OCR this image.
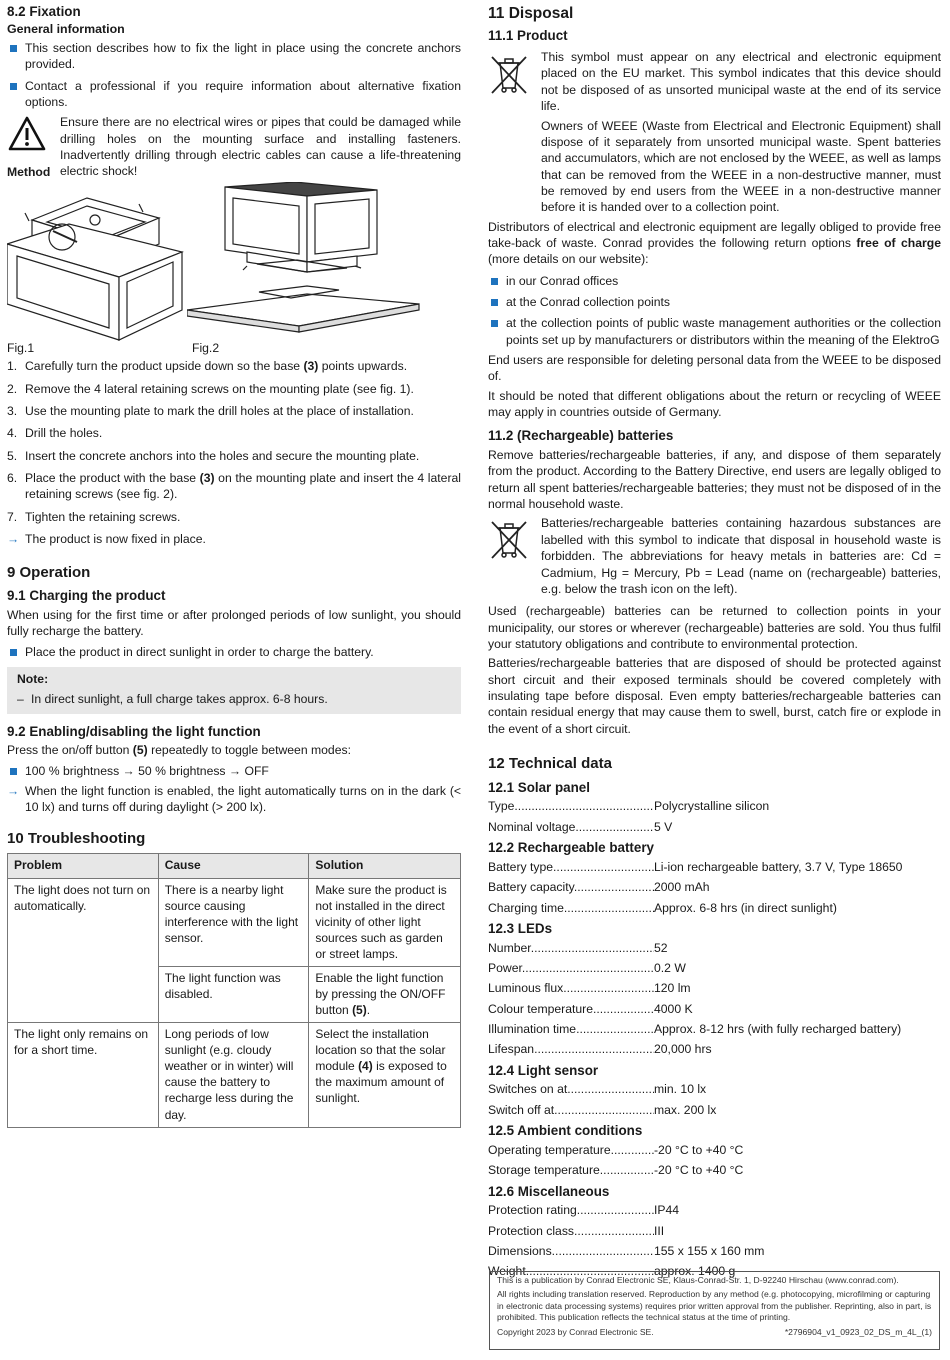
8.2 Fixation
General information

This section describes how to fix the light in place using the concrete anchors provided.

Contact a professional if you require information about alternative fixation options.

Ensure there are no electrical wires or pipes that could be damaged while drilling holes on the mounting surface and installing fasteners. Inadvertently drilling through electric cables can cause a life-threatening electric shock!

Method
Fig.1	Fig.2

1. Carefully turn the product upside down so the base (3) points upwards.

2. Remove the 4 lateral retaining screws on the mounting plate (see fig. 1).

3. Use the mounting plate to mark the drill holes at the place of installation.

4. Drill the holes.

5. Insert the concrete anchors into the holes and secure the mounting plate.

6. Place the product with the base (3) on the mounting plate and insert the 4 lateral retaining screws (see fig. 2).

7. Tighten the retaining screws.

→ The product is now fixed in place.

9 Operation
9.1 Charging the product

When using for the first time or after prolonged periods of low sunlight, you should fully recharge the battery.

Place the product in direct sunlight in order to charge the battery.

Note:
– In direct sunlight, a full charge takes approx. 6-8 hours.
9.2 Enabling/disabling the light function

Press the on/off button (5) repeatedly to toggle between modes:

100 % brightness → 50 % brightness → OFF

→ When the light function is enabled, the light automatically turns on in the dark (< 10 lx) and turns off during daylight (> 200 lx).

10 Troubleshooting
Problem	Cause	Solution
The light does not turn on automatically.	There is a nearby light source causing interference with the light sensor.	Make sure the product is not installed in the direct vicinity of other light sources such as garden or street lamps.
	The light function was disabled.	Enable the light function by pressing the ON/OFF button (5).
The light only remains on for a short time.	Long periods of low sunlight (e.g. cloudy weather or in winter) will cause the battery to recharge less during the day.	Select the installation location so that the solar module (4) is exposed to the maximum amount of sunlight.
11 Disposal
11.1 Product

This symbol must appear on any electrical and electronic equipment placed on the EU market. This symbol indicates that this device should not be disposed of as unsorted municipal waste at the end of its service life.

Owners of WEEE (Waste from Electrical and Electronic Equipment) shall dispose of it separately from unsorted municipal waste. Spent batteries and accumulators, which are not enclosed by the WEEE, as well as lamps that can be removed from the WEEE in a non-destructive manner, must be removed by end users from the WEEE in a non-destructive manner before it is handed over to a collection point.

Distributors of electrical and electronic equipment are legally obliged to provide free take-back of waste. Conrad provides the following return options free of charge (more details on our website):

in our Conrad offices

at the Conrad collection points

at the collection points of public waste management authorities or the collection points set up by manufacturers or distributors within the meaning of the ElektroG

End users are responsible for deleting personal data from the WEEE to be disposed of.

It should be noted that different obligations about the return or recycling of WEEE may apply in countries outside of Germany.

11.2 (Rechargeable) batteries

Remove batteries/rechargeable batteries, if any, and dispose of them separately from the product. According to the Battery Directive, end users are legally obliged to return all spent batteries/rechargeable batteries; they must not be disposed of in the normal household waste.

Batteries/rechargeable batteries containing hazardous substances are labelled with this symbol to indicate that disposal in household waste is forbidden. The abbreviations for heavy metals in batteries are: Cd = Cadmium, Hg = Mercury, Pb = Lead (name on (rechargeable) batteries, e.g. below the trash icon on the left).

Used (rechargeable) batteries can be returned to collection points in your municipality, our stores or wherever (rechargeable) batteries are sold. You thus fulfil your statutory obligations and contribute to environmental protection.

Batteries/rechargeable batteries that are disposed of should be protected against short circuit and their exposed terminals should be covered completely with insulating tape before disposal. Even empty batteries/rechargeable batteries can contain residual energy that may cause them to swell, burst, catch fire or explode in the event of a short circuit.

12 Technical data
12.1 Solar panel
Type .....	Polycrystalline silicon
Nominal voltage .....	5 V
12.2 Rechargeable battery
Battery type .....	Li-ion rechargeable battery, 3.7 V, Type 18650
Battery capacity .....	2000 mAh
Charging time .....	Approx. 6-8 hrs (in direct sunlight)
12.3 LEDs
Number .....	52
Power .....	0.2 W
Luminous flux .....	120 lm
Colour temperature .....	4000 K
Illumination time .....	Approx. 8-12 hrs (with fully recharged battery)
Lifespan .....	20,000 hrs
12.4 Light sensor
Switches on at .....	min. 10 lx
Switch off at .....	max. 200 lx
12.5 Ambient conditions
Operating temperature .....	-20 °C to +40 °C
Storage temperature .....	-20 °C to +40 °C
12.6 Miscellaneous
Protection rating .....	IP44
Protection class .....	III
Dimensions .....	155 x 155 x 160 mm
Weight .....	approx. 1400 g

This is a publication by Conrad Electronic SE, Klaus-Conrad-Str. 1, D-92240 Hirschau (www.conrad.com).

All rights including translation reserved. Reproduction by any method (e.g. photocopying, microfilming or capturing in electronic data processing systems) requires prior written approval from the publisher. Reprinting, also in part, is prohibited. This publication reflects the technical status at the time of printing.

Copyright 2023 by Conrad Electronic SE.	*2796904_v1_0923_02_DS_m_4L_(1)
